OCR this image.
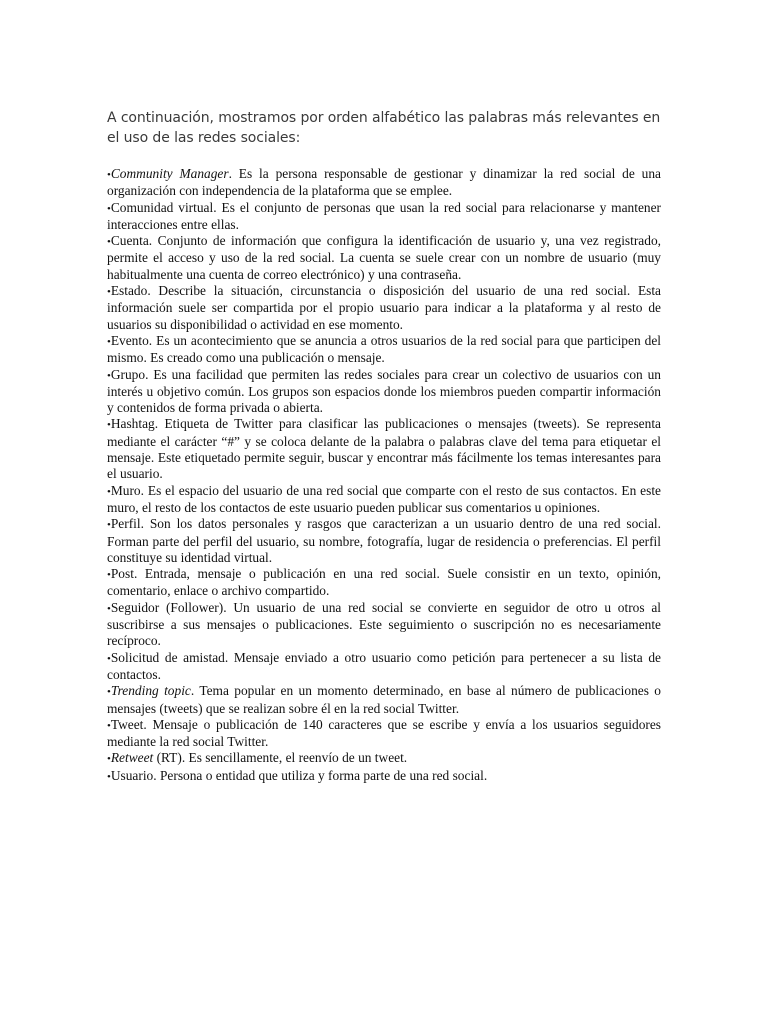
A continuación, mostramos por orden alfabético las palabras más relevantes en el uso de las redes sociales:

•Community Manager. Es la persona responsable de gestionar y dinamizar la red social de una organización con independencia de la plataforma que se emplee.

•Comunidad virtual. Es el conjunto de personas que usan la red social para relacionarse y mantener interacciones entre ellas.

•Cuenta. Conjunto de información que configura la identificación de usuario y, una vez registrado, permite el acceso y uso de la red social. La cuenta se suele crear con un nombre de usuario (muy habitualmente una cuenta de correo electrónico) y una contraseña.

•Estado. Describe la situación, circunstancia o disposición del usuario de una red social. Esta información suele ser compartida por el propio usuario para indicar a la plataforma y al resto de usuarios su disponibilidad o actividad en ese momento.

•Evento. Es un acontecimiento que se anuncia a otros usuarios de la red social para que participen del mismo. Es creado como una publicación o mensaje.

•Grupo. Es una facilidad que permiten las redes sociales para crear un colectivo de usuarios con un interés u objetivo común. Los grupos son espacios donde los miembros pueden compartir información y contenidos de forma privada o abierta.

•Hashtag. Etiqueta de Twitter para clasificar las publicaciones o mensajes (tweets). Se representa mediante el carácter “#” y se coloca delante de la palabra o palabras clave del tema para etiquetar el mensaje. Este etiquetado permite seguir, buscar y encontrar más fácilmente los temas interesantes para el usuario.

•Muro. Es el espacio del usuario de una red social que comparte con el resto de sus contactos. En este muro, el resto de los contactos de este usuario pueden publicar sus comentarios u opiniones.

•Perfil. Son los datos personales y rasgos que caracterizan a un usuario dentro de una red social. Forman parte del perfil del usuario, su nombre, fotografía, lugar de residencia o preferencias. El perfil constituye su identidad virtual.

•Post. Entrada, mensaje o publicación en una red social. Suele consistir en un texto, opinión, comentario, enlace o archivo compartido.

•Seguidor (Follower). Un usuario de una red social se convierte en seguidor de otro u otros al suscribirse a sus mensajes o publicaciones. Este seguimiento o suscripción no es necesariamente recíproco.

•Solicitud de amistad. Mensaje enviado a otro usuario como petición para pertenecer a su lista de contactos.

•Trending topic. Tema popular en un momento determinado, en base al número de publicaciones o mensajes (tweets) que se realizan sobre él en la red social Twitter.

•Tweet. Mensaje o publicación de 140 caracteres que se escribe y envía a los usuarios seguidores mediante la red social Twitter.

•Retweet (RT). Es sencillamente, el reenvío de un tweet.

•Usuario. Persona o entidad que utiliza y forma parte de una red social.
